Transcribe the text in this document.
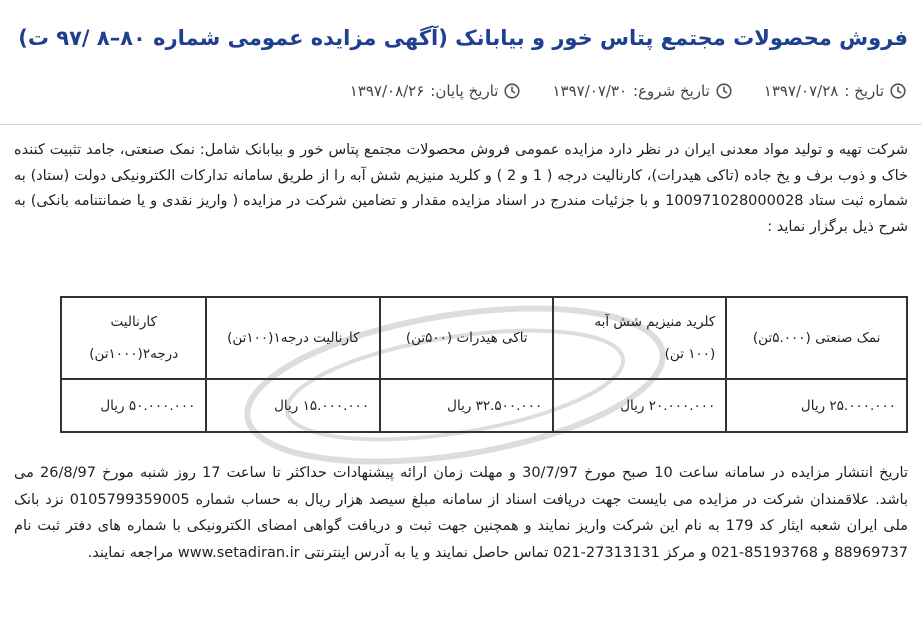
فروش محصولات مجتمع پتاس خور و بیابانک (آگهی مزایده عمومی شماره ۸۰–۸ /۹۷ ت)
تاریخ :
۱۳۹۷/۰۷/۲۸
تاریخ شروع:
۱۳۹۷/۰۷/۳۰
تاریخ پایان:
۱۳۹۷/۰۸/۲۶

شرکت تهیه و تولید مواد معدنی ایران در نظر دارد مزایده عمومی فروش محصولات مجتمع پتاس خور و بیابانک شامل: نمک صنعتی، جامد تثبیت کننده خاک و ذوب برف و یخ جاده (تاکی هیدرات)، کارنالیت درجه ( 1 و 2 ) و کلرید منیزیم شش آبه را از طریق سامانه تدارکات الکترونیکی دولت (ستاد) به شماره ثبت ستاد 100971028000028 و با جزئیات مندرج در اسناد مزایده مقدار و تضامین شرکت در مزایده ( واریز نقدی و یا ضمانتنامه بانکی) به شرح ذیل برگزار نماید :

نمک صنعتی (۵.۰۰۰تن)	کلرید منیزیم شش آبه (۱۰۰ تن)	تاکی هیدرات (۵۰۰تن)	کارنالیت درجه۱(۱۰۰تن)	کارنالیت درجه۲(۱۰۰۰تن)
۲۵.۰۰۰.۰۰۰ ریال	۲۰.۰۰۰.۰۰۰ ریال	۳۲.۵۰۰.۰۰۰ ریال	۱۵.۰۰۰.۰۰۰ ریال	۵۰.۰۰۰.۰۰۰ ریال

تاریخ انتشار مزایده در سامانه ساعت 10 صبح مورخ 30/7/97 و مهلت زمان ارائه پیشنهادات حداکثر تا ساعت 17 روز شنبه مورخ 26/8/97 می باشد. علاقمندان شرکت در مزایده می بایست جهت دریافت اسناد از سامانه مبلغ سیصد هزار ریال به حساب شماره 0105799359005 نزد بانک ملی ایران شعبه ایثار کد 179 به نام این شرکت واریز نمایند و همچنین جهت ثبت و دریافت گواهی امضای الکترونیکی با شماره های دفتر ثبت نام 88969737 و 85193768-021 و مرکز 27313131-021 تماس حاصل نمایند و یا به آدرس اینترنتی www.setadiran.ir مراجعه نمایند.
